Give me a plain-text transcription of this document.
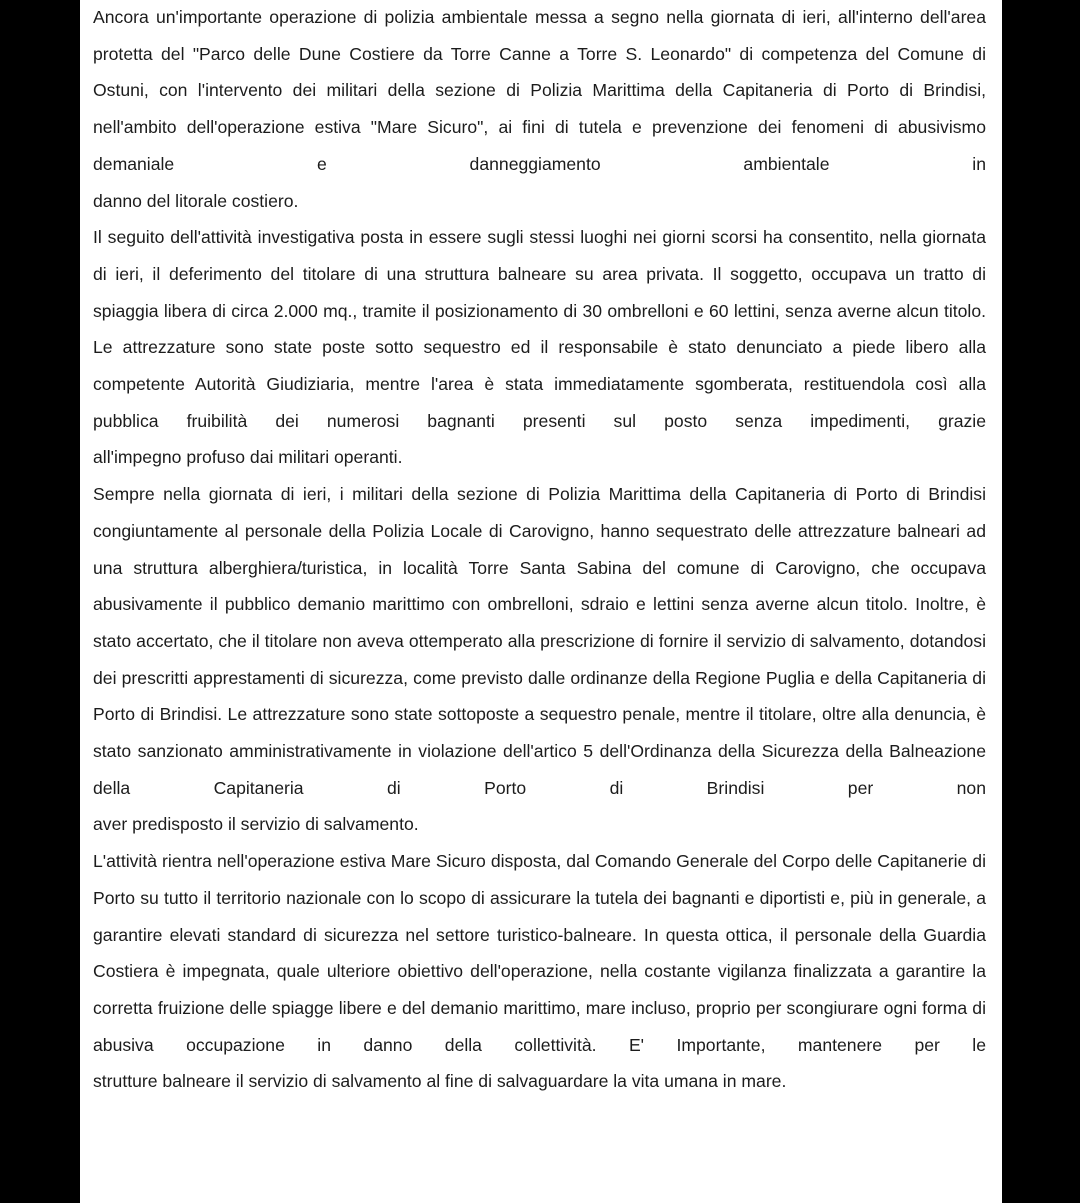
Ancora un'importante operazione di polizia ambientale messa a segno nella giornata di ieri, all'interno dell'area protetta del "Parco delle Dune Costiere da Torre Canne a Torre S. Leonardo" di competenza del Comune di Ostuni, con l'intervento dei militari della sezione di Polizia Marittima della Capitaneria di Porto di Brindisi, nell'ambito dell'operazione estiva "Mare Sicuro", ai fini di tutela e prevenzione dei fenomeni di abusivismo demaniale e danneggiamento ambientale in
danno del litorale costiero.

Il seguito dell'attività investigativa posta in essere sugli stessi luoghi nei giorni scorsi ha consentito, nella giornata di ieri, il deferimento del titolare di una struttura balneare su area privata. Il soggetto, occupava un tratto di spiaggia libera di circa 2.000 mq., tramite il posizionamento di 30 ombrelloni e 60 lettini, senza averne alcun titolo. Le attrezzature sono state poste sotto sequestro ed il responsabile è stato denunciato a piede libero alla competente Autorità Giudiziaria, mentre l'area è stata immediatamente sgomberata, restituendola così alla pubblica fruibilità dei numerosi bagnanti presenti sul posto senza impedimenti, grazie
all'impegno profuso dai militari operanti.

Sempre nella giornata di ieri, i militari della sezione di Polizia Marittima della Capitaneria di Porto di Brindisi congiuntamente al personale della Polizia Locale di Carovigno, hanno sequestrato delle attrezzature balneari ad una struttura alberghiera/turistica, in località Torre Santa Sabina del comune di Carovigno, che occupava abusivamente il pubblico demanio marittimo con ombrelloni, sdraio e lettini senza averne alcun titolo. Inoltre, è stato accertato, che il titolare non aveva ottemperato alla prescrizione di fornire il servizio di salvamento, dotandosi dei prescritti apprestamenti di sicurezza, come previsto dalle ordinanze della Regione Puglia e della Capitaneria di Porto di Brindisi. Le attrezzature sono state sottoposte a sequestro penale, mentre il titolare, oltre alla denuncia, è stato sanzionato amministrativamente in violazione dell'artico 5 dell'Ordinanza della Sicurezza della Balneazione della Capitaneria di Porto di Brindisi per non
aver predisposto il servizio di salvamento.

L'attività rientra nell'operazione estiva Mare Sicuro disposta, dal Comando Generale del Corpo delle Capitanerie di Porto su tutto il territorio nazionale con lo scopo di assicurare la tutela dei bagnanti e diportisti e, più in generale, a garantire elevati standard di sicurezza nel settore turistico-balneare. In questa ottica, il personale della Guardia Costiera è impegnata, quale ulteriore obiettivo dell'operazione, nella costante vigilanza finalizzata a garantire la corretta fruizione delle spiagge libere e del demanio marittimo, mare incluso, proprio per scongiurare ogni forma di abusiva occupazione in danno della collettività. E' Importante, mantenere per le
strutture balneare il servizio di salvamento al fine di salvaguardare la vita umana in mare.
